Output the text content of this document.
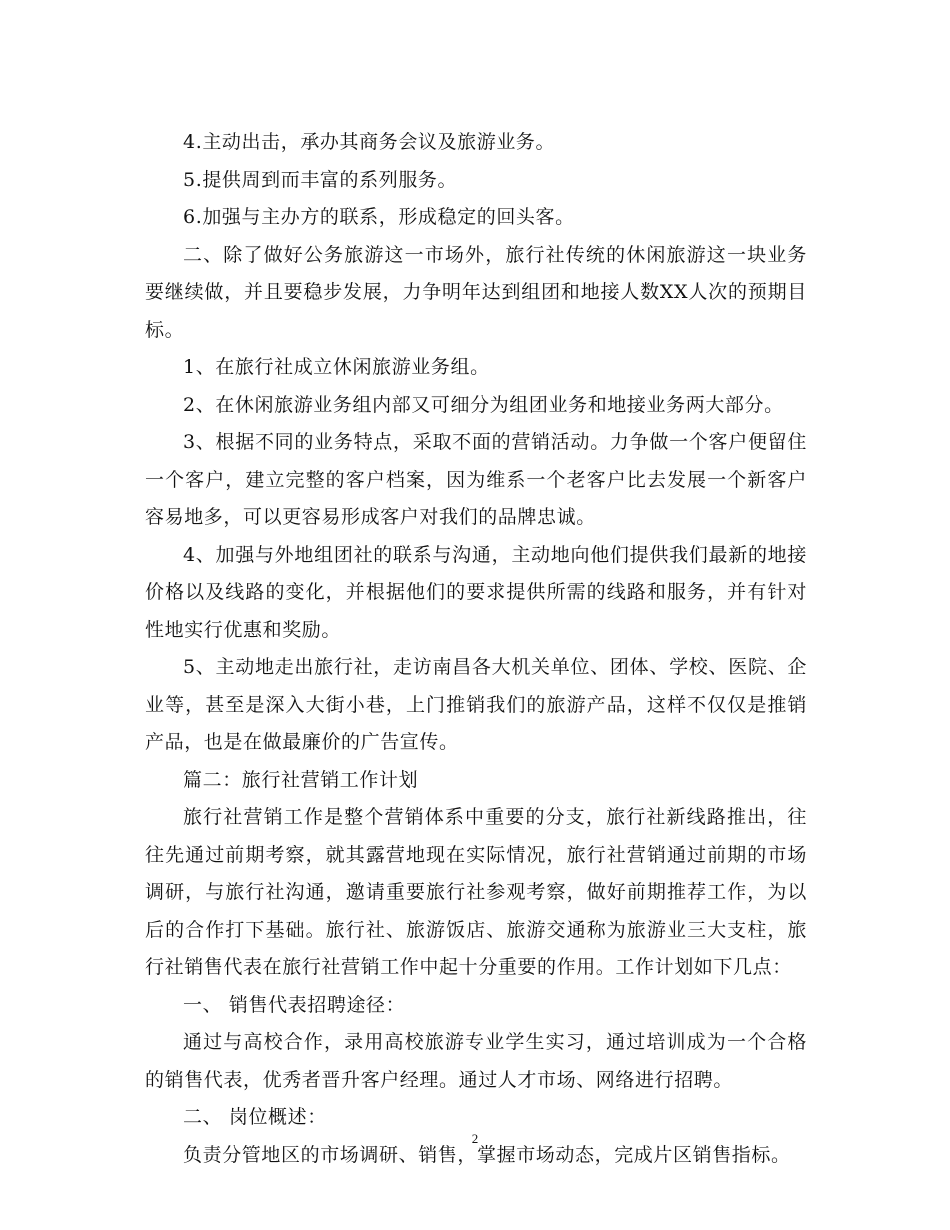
4.主动出击，承办其商务会议及旅游业务。

5.提供周到而丰富的系列服务。

6.加强与主办方的联系，形成稳定的回头客。

二、除了做好公务旅游这一市场外，旅行社传统的休闲旅游这一块业务要继续做，并且要稳步发展，力争明年达到组团和地接人数XX人次的预期目标。

1、在旅行社成立休闲旅游业务组。

2、在休闲旅游业务组内部又可细分为组团业务和地接业务两大部分。

3、根据不同的业务特点，采取不面的营销活动。力争做一个客户便留住一个客户，建立完整的客户档案，因为维系一个老客户比去发展一个新客户容易地多，可以更容易形成客户对我们的品牌忠诚。

4、加强与外地组团社的联系与沟通，主动地向他们提供我们最新的地接价格以及线路的变化，并根据他们的要求提供所需的线路和服务，并有针对性地实行优惠和奖励。

5、主动地走出旅行社，走访南昌各大机关单位、团体、学校、医院、企业等，甚至是深入大街小巷，上门推销我们的旅游产品，这样不仅仅是推销产品，也是在做最廉价的广告宣传。

篇二：旅行社营销工作计划

旅行社营销工作是整个营销体系中重要的分支，旅行社新线路推出，往往先通过前期考察，就其露营地现在实际情况，旅行社营销通过前期的市场调研，与旅行社沟通，邀请重要旅行社参观考察，做好前期推荐工作，为以后的合作打下基础。旅行社、旅游饭店、旅游交通称为旅游业三大支柱，旅行社销售代表在旅行社营销工作中起十分重要的作用。工作计划如下几点：

一、 销售代表招聘途径：

通过与高校合作，录用高校旅游专业学生实习，通过培训成为一个合格的销售代表，优秀者晋升客户经理。通过人才市场、网络进行招聘。

二、 岗位概述：

负责分管地区的市场调研、销售，掌握市场动态，完成片区销售指标。

2
